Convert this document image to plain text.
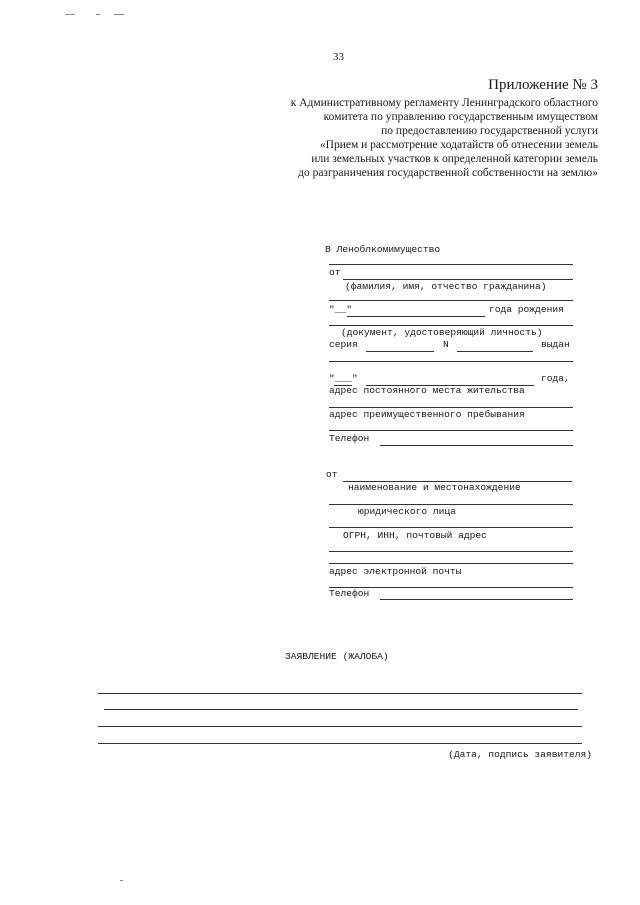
33
Приложение № 3
к Административному регламенту Ленинградского областного
комитета по управлению государственным имуществом
по предоставлению государственной услуги
«Прием и рассмотрение ходатайств об отнесении земель
или земельных участков к определенной категории земель
до разграничения государственной собственности на землю»
В Леноблкомимущество
от
(фамилия, имя, отчество гражданина)
"__"	года рождения
(документ, удостоверяющий личность)
серия	N	выдан
"___"	года,
адрес постоянного места жительства
адрес преимущественного пребывания
Телефон
от
наименование и местонахождение
юридического лица
ОГРН, ИНН, почтовый адрес
адрес электронной почты
Телефон
ЗАЯВЛЕНИЕ (ЖАЛОБА)
(Дата, подпись заявителя)
